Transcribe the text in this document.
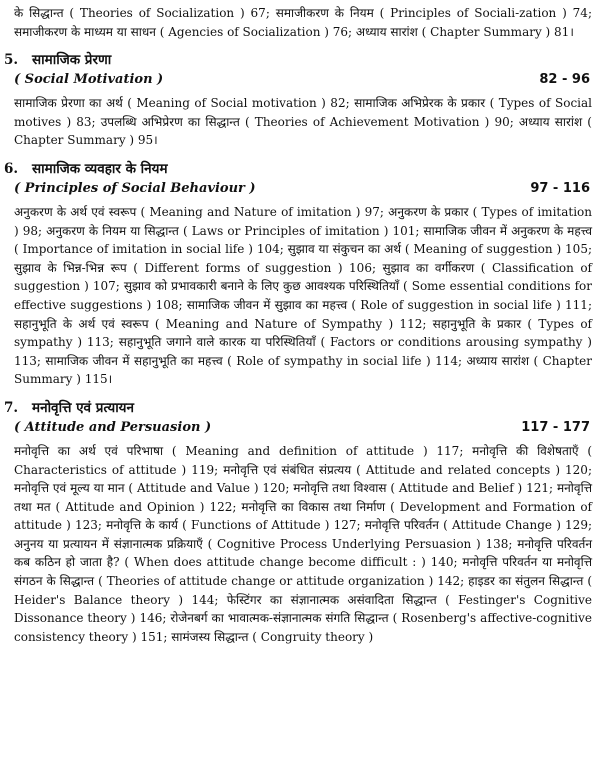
के सिद्धान्त ( Theories of Socialization ) 67; समाजीकरण के नियम ( Principles of Sociali-zation ) 74; समाजीकरण के माध्यम या साधन ( Agencies of Socialization ) 76; अध्याय सारांश ( Chapter Summary ) 81।

5.	सामाजिक प्रेरणा
( Social Motivation )	82 - 96

सामाजिक प्रेरणा का अर्थ ( Meaning of Social motivation ) 82; सामाजिक अभिप्रेरक के प्रकार ( Types of Social motives ) 83; उपलब्धि अभिप्रेरण का सिद्धान्त ( Theories of Achievement Motivation ) 90; अध्याय सारांश ( Chapter Summary ) 95।

6.	सामाजिक व्यवहार के नियम
( Principles of Social Behaviour )	97 - 116

अनुकरण के अर्थ एवं स्वरूप ( Meaning and Nature of imitation ) 97; अनुकरण के प्रकार ( Types of imitation ) 98; अनुकरण के नियम या सिद्धान्त ( Laws or Principles of imitation ) 101; सामाजिक जीवन में अनुकरण के महत्त्व ( Importance of imitation in social life ) 104; सुझाव या संकुचन का अर्थ ( Meaning of suggestion ) 105; सुझाव के भिन्न-भिन्न रूप ( Different forms of suggestion ) 106; सुझाव का वर्गीकरण ( Classification of suggestion ) 107; सुझाव को प्रभावकारी बनाने के लिए कुछ आवश्यक परिस्थितियाँ ( Some essential conditions for effective suggestions ) 108; सामाजिक जीवन में सुझाव का महत्त्व ( Role of suggestion in social life ) 111; सहानुभूति के अर्थ एवं स्वरूप ( Meaning and Nature of Sympathy ) 112; सहानुभूति के प्रकार ( Types of sympathy ) 113; सहानुभूति जगाने वाले कारक या परिस्थितियाँ ( Factors or conditions arousing sympathy ) 113; सामाजिक जीवन में सहानुभूति का महत्त्व ( Role of sympathy in social life ) 114; अध्याय सारांश ( Chapter Summary ) 115।

7.	मनोवृत्ति एवं प्रत्यायन
( Attitude and Persuasion )	117 - 177

मनोवृत्ति का अर्थ एवं परिभाषा ( Meaning and definition of attitude ) 117; मनोवृत्ति की विशेषताएँ ( Characteristics of attitude ) 119; मनोवृत्ति एवं संबंधित संप्रत्यय ( Attitude and related concepts ) 120; मनोवृत्ति एवं मूल्य या मान ( Attitude and Value ) 120; मनोवृत्ति तथा विश्वास ( Attitude and Belief ) 121; मनोवृत्ति तथा मत ( Attitude and Opinion ) 122; मनोवृत्ति का विकास तथा निर्माण ( Development and Formation of attitude ) 123; मनोवृत्ति के कार्य ( Functions of Attitude ) 127; मनोवृत्ति परिवर्तन ( Attitude Change ) 129; अनुनय या प्रत्यायन में संज्ञानात्मक प्रक्रियाएँ ( Cognitive Process Underlying Persuasion ) 138; मनोवृत्ति परिवर्तन कब कठिन हो जाता है? ( When does attitude change become difficult : ) 140; मनोवृत्ति परिवर्तन या मनोवृत्ति संगठन के सिद्धान्त ( Theories of attitude change or attitude organization ) 142; हाइडर का संतुलन सिद्धान्त ( Heider's Balance theory ) 144; फेस्टिंगर का संज्ञानात्मक असंवादिता सिद्धान्त ( Festinger's Cognitive Dissonance theory ) 146; रोजेनबर्ग का भावात्मक-संज्ञानात्मक संगति सिद्धान्त ( Rosenberg's affective-cognitive consistency theory ) 151; सामंजस्य सिद्धान्त ( Congruity theory )
